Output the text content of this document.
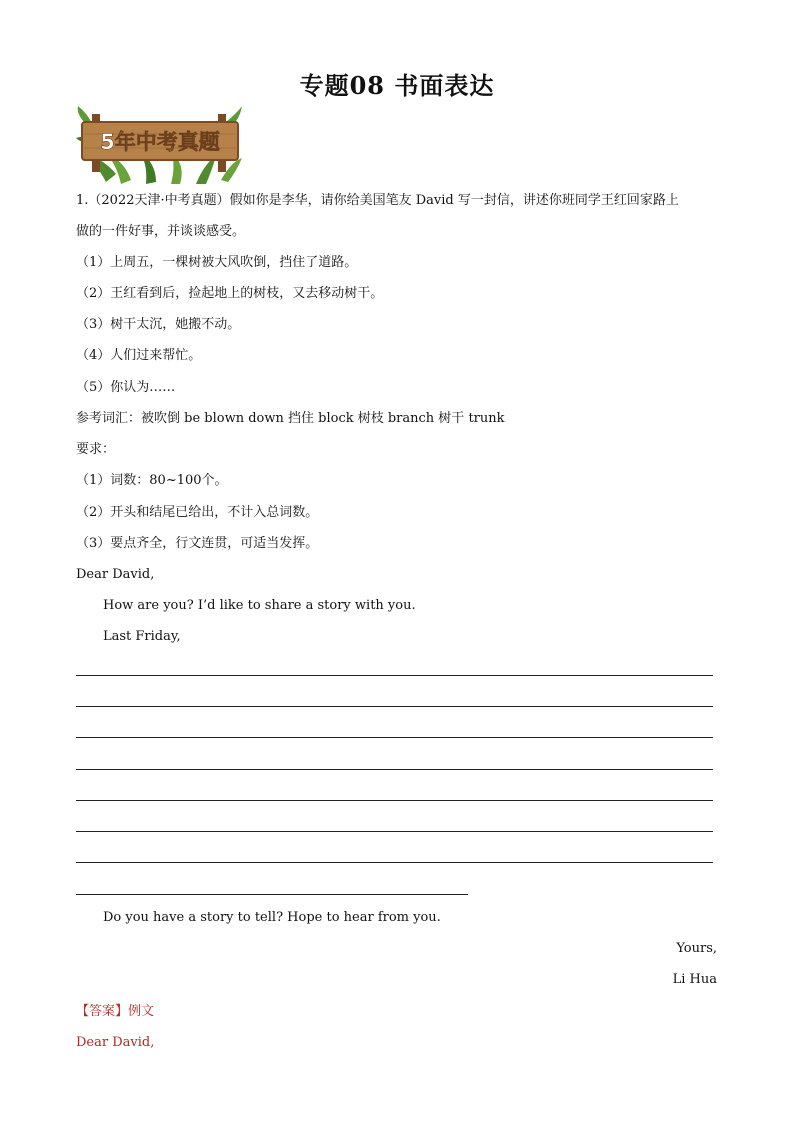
专题08 书面表达
5年中考真题
1.（2022天津·中考真题）假如你是李华，请你给美国笔友 David 写一封信，讲述你班同学王红回家路上
做的一件好事，并谈谈感受。
（1）上周五，一棵树被大风吹倒，挡住了道路。
（2）王红看到后，捡起地上的树枝，又去移动树干。
（3）树干太沉，她搬不动。
（4）人们过来帮忙。
（5）你认为……
参考词汇：被吹倒 be blown down 挡住 block 树枝 branch 树干 trunk
要求：
（1）词数：80~100个。
（2）开头和结尾已给出，不计入总词数。
（3）要点齐全，行文连贯，可适当发挥。
Dear David,
How are you? I’d like to share a story with you.
Last Friday,
Do you have a story to tell? Hope to hear from you.
Yours,
Li Hua
【答案】例文
Dear David,
